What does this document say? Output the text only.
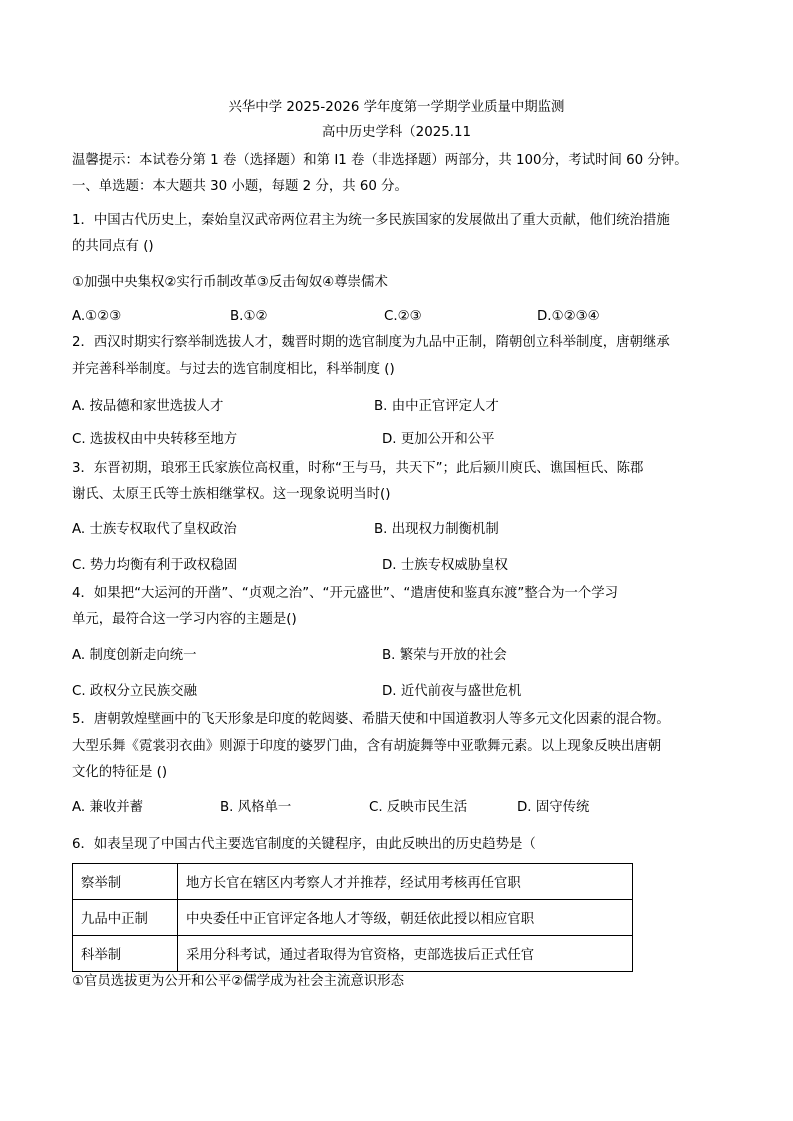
兴华中学 2025-2026 学年度第一学期学业质量中期监测
高中历史学科（2025.11
温馨提示：本试卷分第 1 卷（选择题）和第 I1 卷（非选择题）两部分，共 100分，考试时间 60 分钟。
一、单选题：本大题共 30 小题，每题 2 分，共 60 分。
1．中国古代历史上，秦始皇汉武帝两位君主为统一多民族国家的发展做出了重大贡献，他们统治措施
的共同点有 ()
①加强中央集权②实行币制改革③反击匈奴④尊崇儒术
A.①②③	B.①②	C.②③	D.①②③④
2．西汉时期实行察举制选拔人才，魏晋时期的选官制度为九品中正制，隋朝创立科举制度，唐朝继承
并完善科举制度。与过去的选官制度相比，科举制度 ()
A. 按品德和家世选拔人才	B. 由中正官评定人才
C. 选拔权由中央转移至地方	D. 更加公开和公平
3．东晋初期，琅邪王氏家族位高权重，时称“王与马，共天下”；此后颍川庾氏、谯国桓氏、陈郡
谢氏、太原王氏等士族相继掌权。这一现象说明当时()
A. 士族专权取代了皇权政治	B. 出现权力制衡机制
C. 势力均衡有利于政权稳固	D. 士族专权威胁皇权
4．如果把“大运河的开凿”、“贞观之治”、“开元盛世”、“遣唐使和鉴真东渡”整合为一个学习
单元，最符合这一学习内容的主题是()
A. 制度创新走向统一	B. 繁荣与开放的社会
C. 政权分立民族交融	D. 近代前夜与盛世危机
5．唐朝敦煌壁画中的飞天形象是印度的乾闼婆、希腊天使和中国道教羽人等多元文化因素的混合物。
大型乐舞《霓裳羽衣曲》则源于印度的婆罗门曲，含有胡旋舞等中亚歌舞元素。以上现象反映出唐朝
文化的特征是 ()
A. 兼收并蓄	B. 风格单一	C. 反映市民生活	D. 固守传统
6．如表呈现了中国古代主要选官制度的关键程序，由此反映出的历史趋势是（
察举制	地方长官在辖区内考察人才并推荐，经试用考核再任官职
九品中正制	中央委任中正官评定各地人才等级，朝廷依此授以相应官职
科举制	采用分科考试，通过者取得为官资格，吏部选拔后正式任官
①官员选拔更为公开和公平②儒学成为社会主流意识形态
